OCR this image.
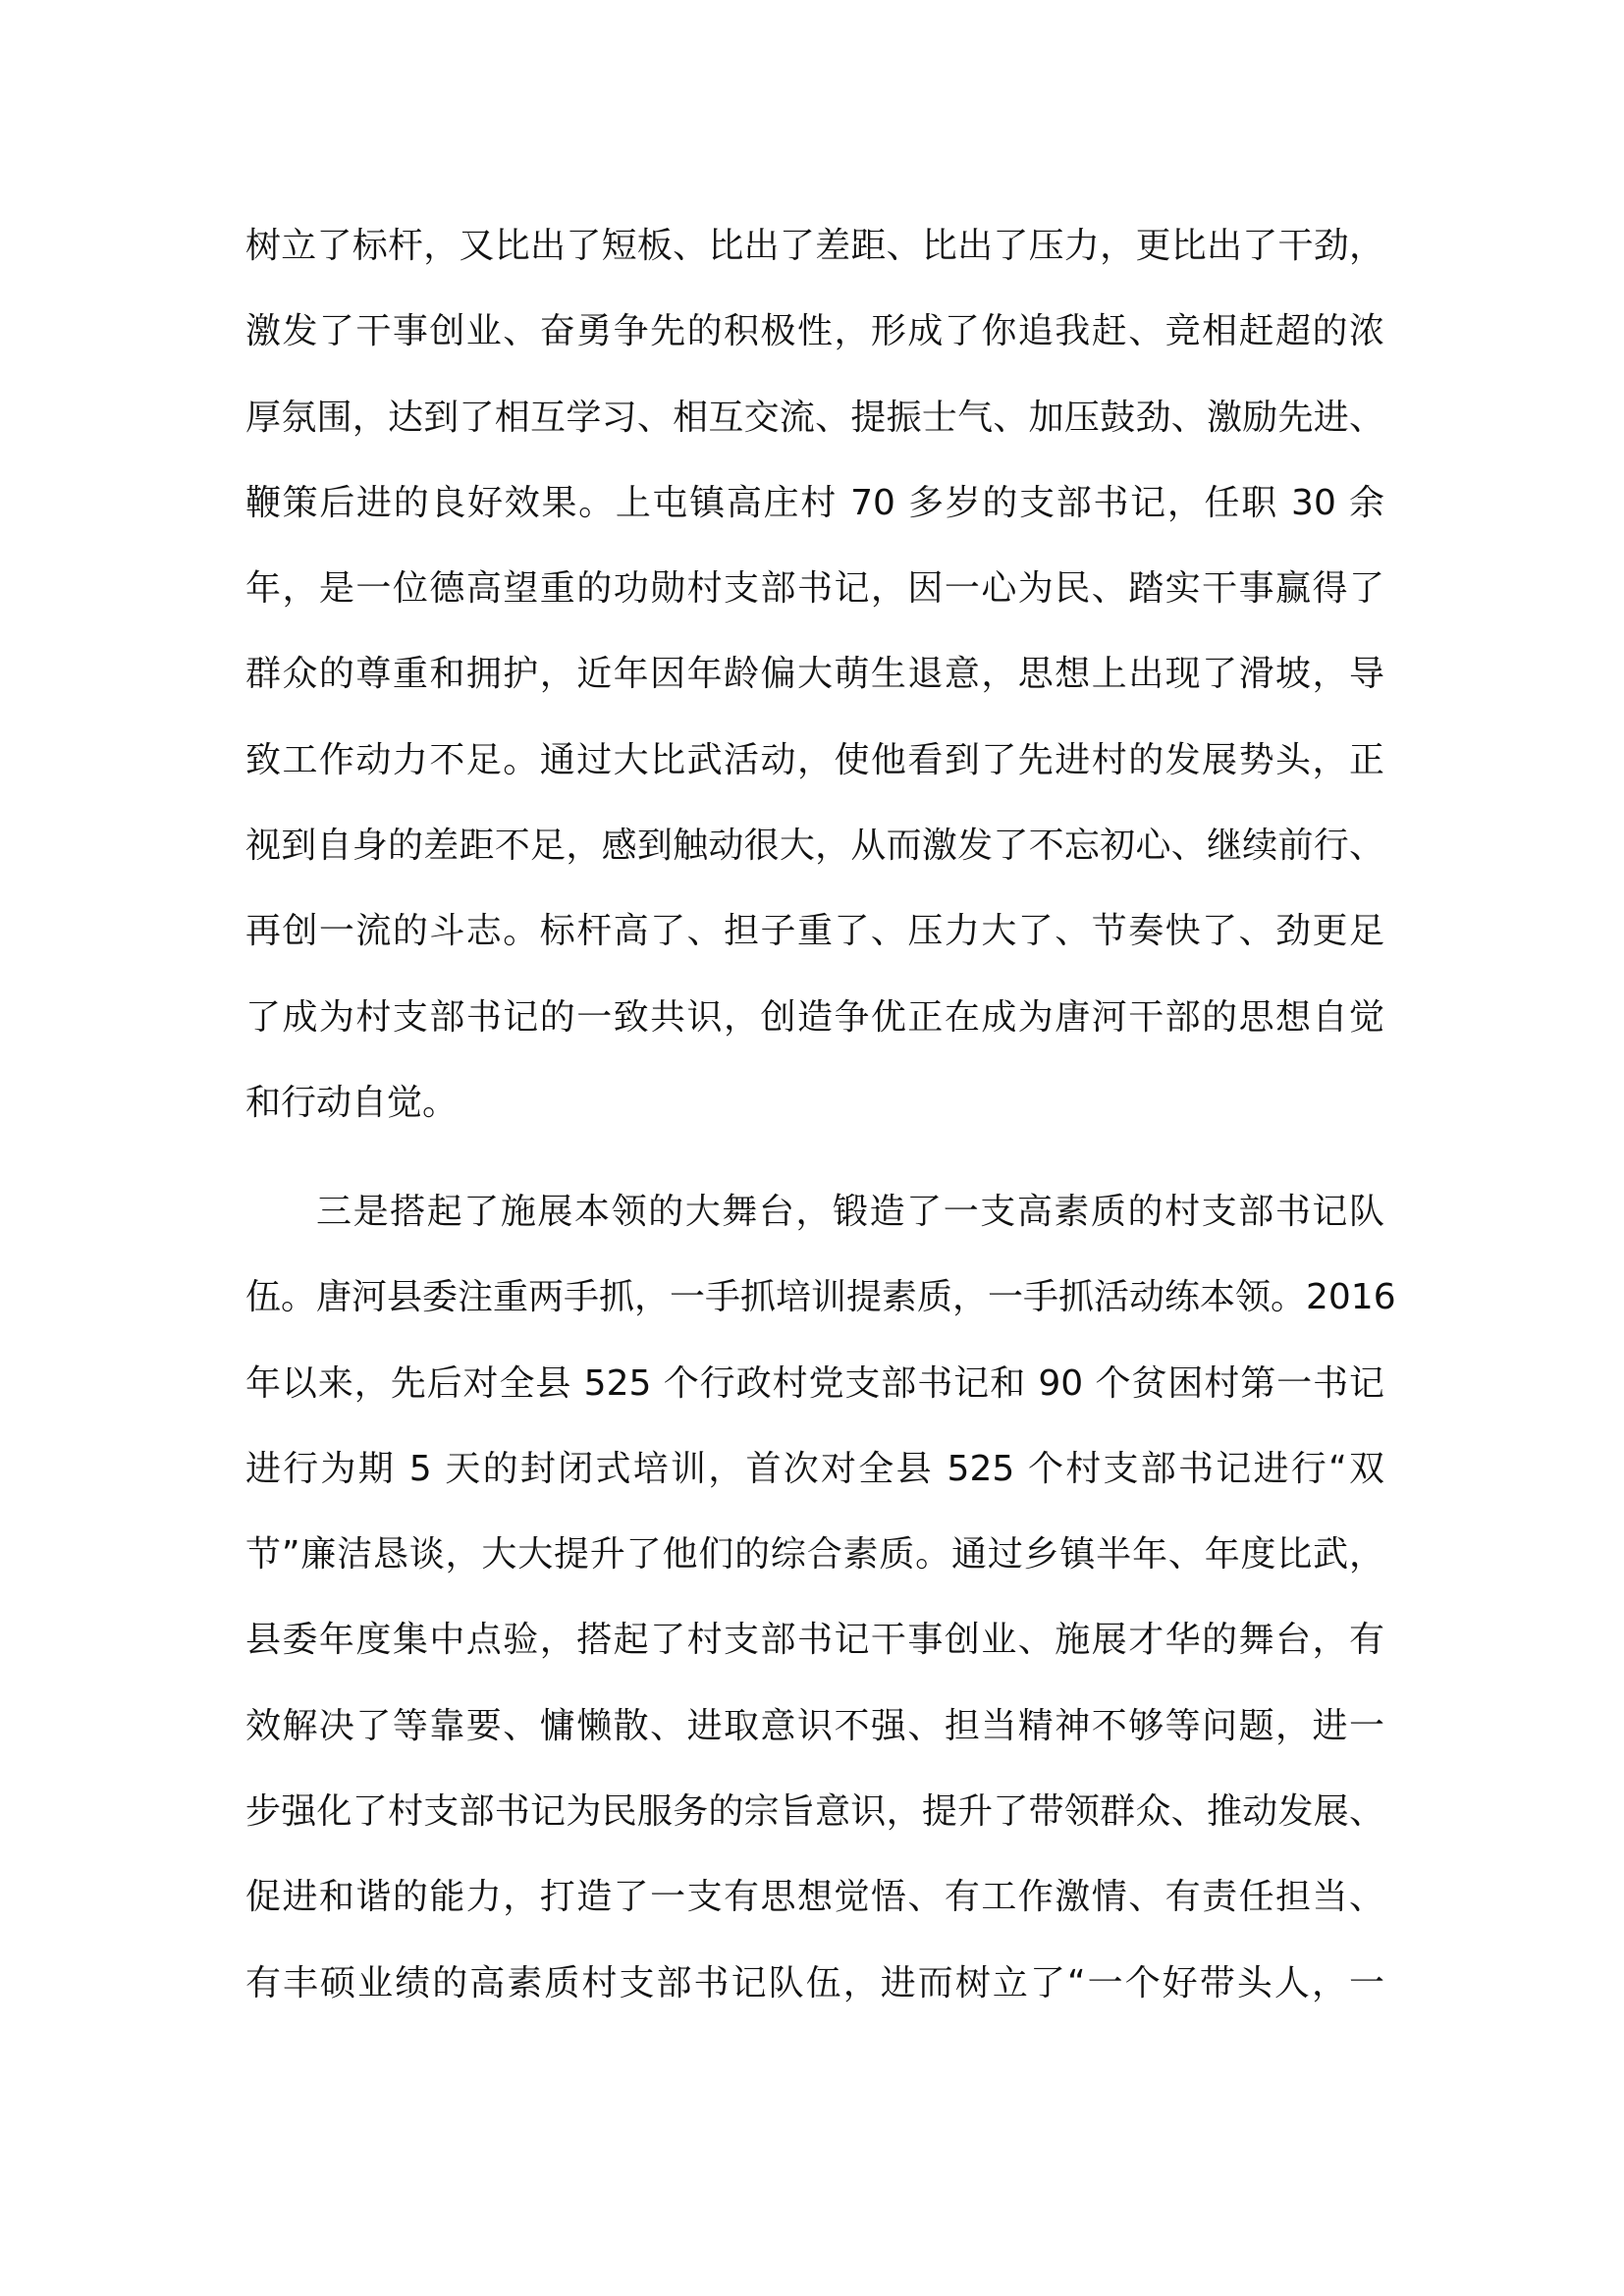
树立了标杆，又比出了短板、比出了差距、比出了压力，更比出了干劲，
激发了干事创业、奋勇争先的积极性，形成了你追我赶、竞相赶超的浓
厚氛围，达到了相互学习、相互交流、提振士气、加压鼓劲、激励先进、
鞭策后进的良好效果。上屯镇高庄村 70 多岁的支部书记，任职 30 余
年，是一位德高望重的功勋村支部书记，因一心为民、踏实干事赢得了
群众的尊重和拥护，近年因年龄偏大萌生退意，思想上出现了滑坡，导
致工作动力不足。通过大比武活动，使他看到了先进村的发展势头，正
视到自身的差距不足，感到触动很大，从而激发了不忘初心、继续前行、
再创一流的斗志。标杆高了、担子重了、压力大了、节奏快了、劲更足
了成为村支部书记的一致共识，创造争优正在成为唐河干部的思想自觉
和行动自觉。
三是搭起了施展本领的大舞台，锻造了一支高素质的村支部书记队
伍。唐河县委注重两手抓，一手抓培训提素质，一手抓活动练本领。2016
年以来，先后对全县 525 个行政村党支部书记和 90 个贫困村第一书记
进行为期 5 天的封闭式培训，首次对全县 525 个村支部书记进行“双
节”廉洁恳谈，大大提升了他们的综合素质。通过乡镇半年、年度比武，
县委年度集中点验，搭起了村支部书记干事创业、施展才华的舞台，有
效解决了等靠要、慵懒散、进取意识不强、担当精神不够等问题，进一
步强化了村支部书记为民服务的宗旨意识，提升了带领群众、推动发展、
促进和谐的能力，打造了一支有思想觉悟、有工作激情、有责任担当、
有丰硕业绩的高素质村支部书记队伍，进而树立了“一个好带头人，一
